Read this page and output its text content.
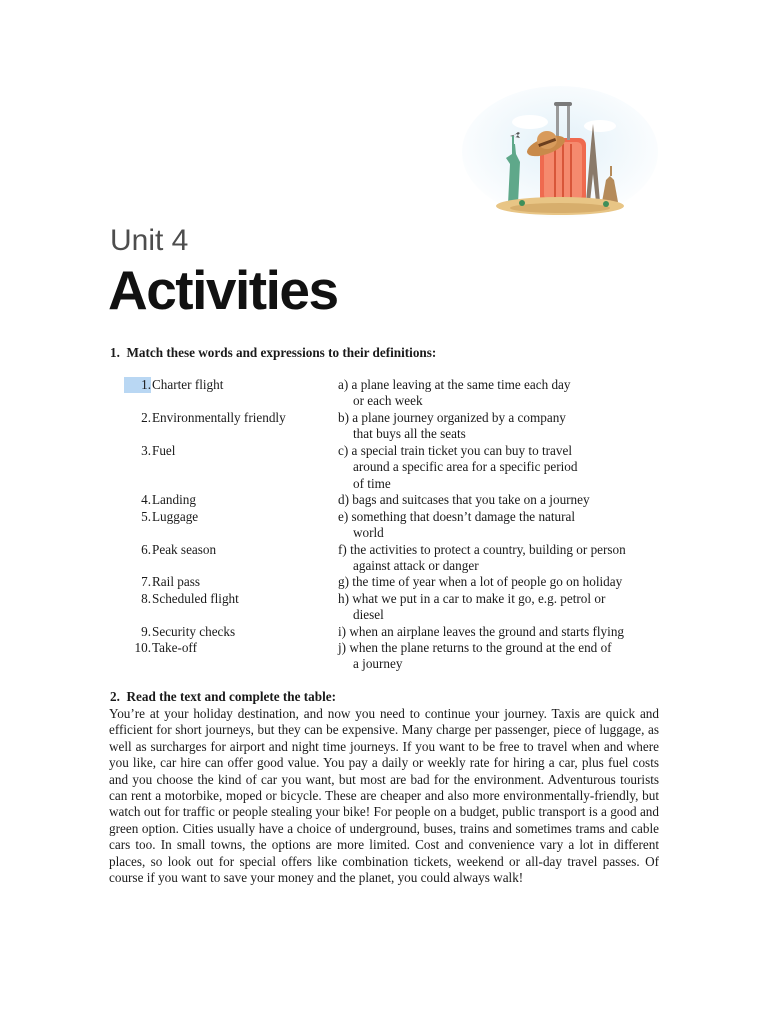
Unit 4
Activities
1.  Match these words and expressions to their definitions:
1. Charter flight
2. Environmentally friendly
3. Fuel
4. Landing
5. Luggage
6. Peak season
7. Rail pass
8. Scheduled flight
9. Security checks
10. Take-off
a) a plane leaving at the same time each day
or each week
b) a plane journey organized by a company
that buys all the seats
c) a special train ticket you can buy to travel
around a specific area for a specific period
of time
d) bags and suitcases that you take on a journey
e) something that doesn’t damage the natural
world
f) the activities to protect a country, building or person
against attack or danger
g) the time of year when a lot of people go on holiday
h) what we put in a car to make it go, e.g. petrol or
diesel
i) when an airplane leaves the ground and starts flying
j) when the plane returns to the ground at the end of
a journey
2.  Read the text and complete the table:

You’re at your holiday destination, and now you need to continue your journey. Taxis are quick and efficient for short journeys, but they can be expensive. Many charge per passenger, piece of luggage, as well as surcharges for airport and night time journeys. If you want to be free to travel when and where you like, car hire can offer good value. You pay a daily or weekly rate for hiring a car, plus fuel costs and you choose the kind of car you want, but most are bad for the environment. Adventurous tourists can rent a motorbike, moped or bicycle. These are cheaper and also more environmentally-friendly, but watch out for traffic or people stealing your bike! For people on a budget, public transport is a good and green option. Cities usually have a choice of underground, buses, trains and sometimes trams and cable cars too. In small towns, the options are more limited. Cost and convenience vary a lot in different places, so look out for special offers like combination tickets, weekend or all-day travel passes. Of course if you want to save your money and the planet, you could always walk!
